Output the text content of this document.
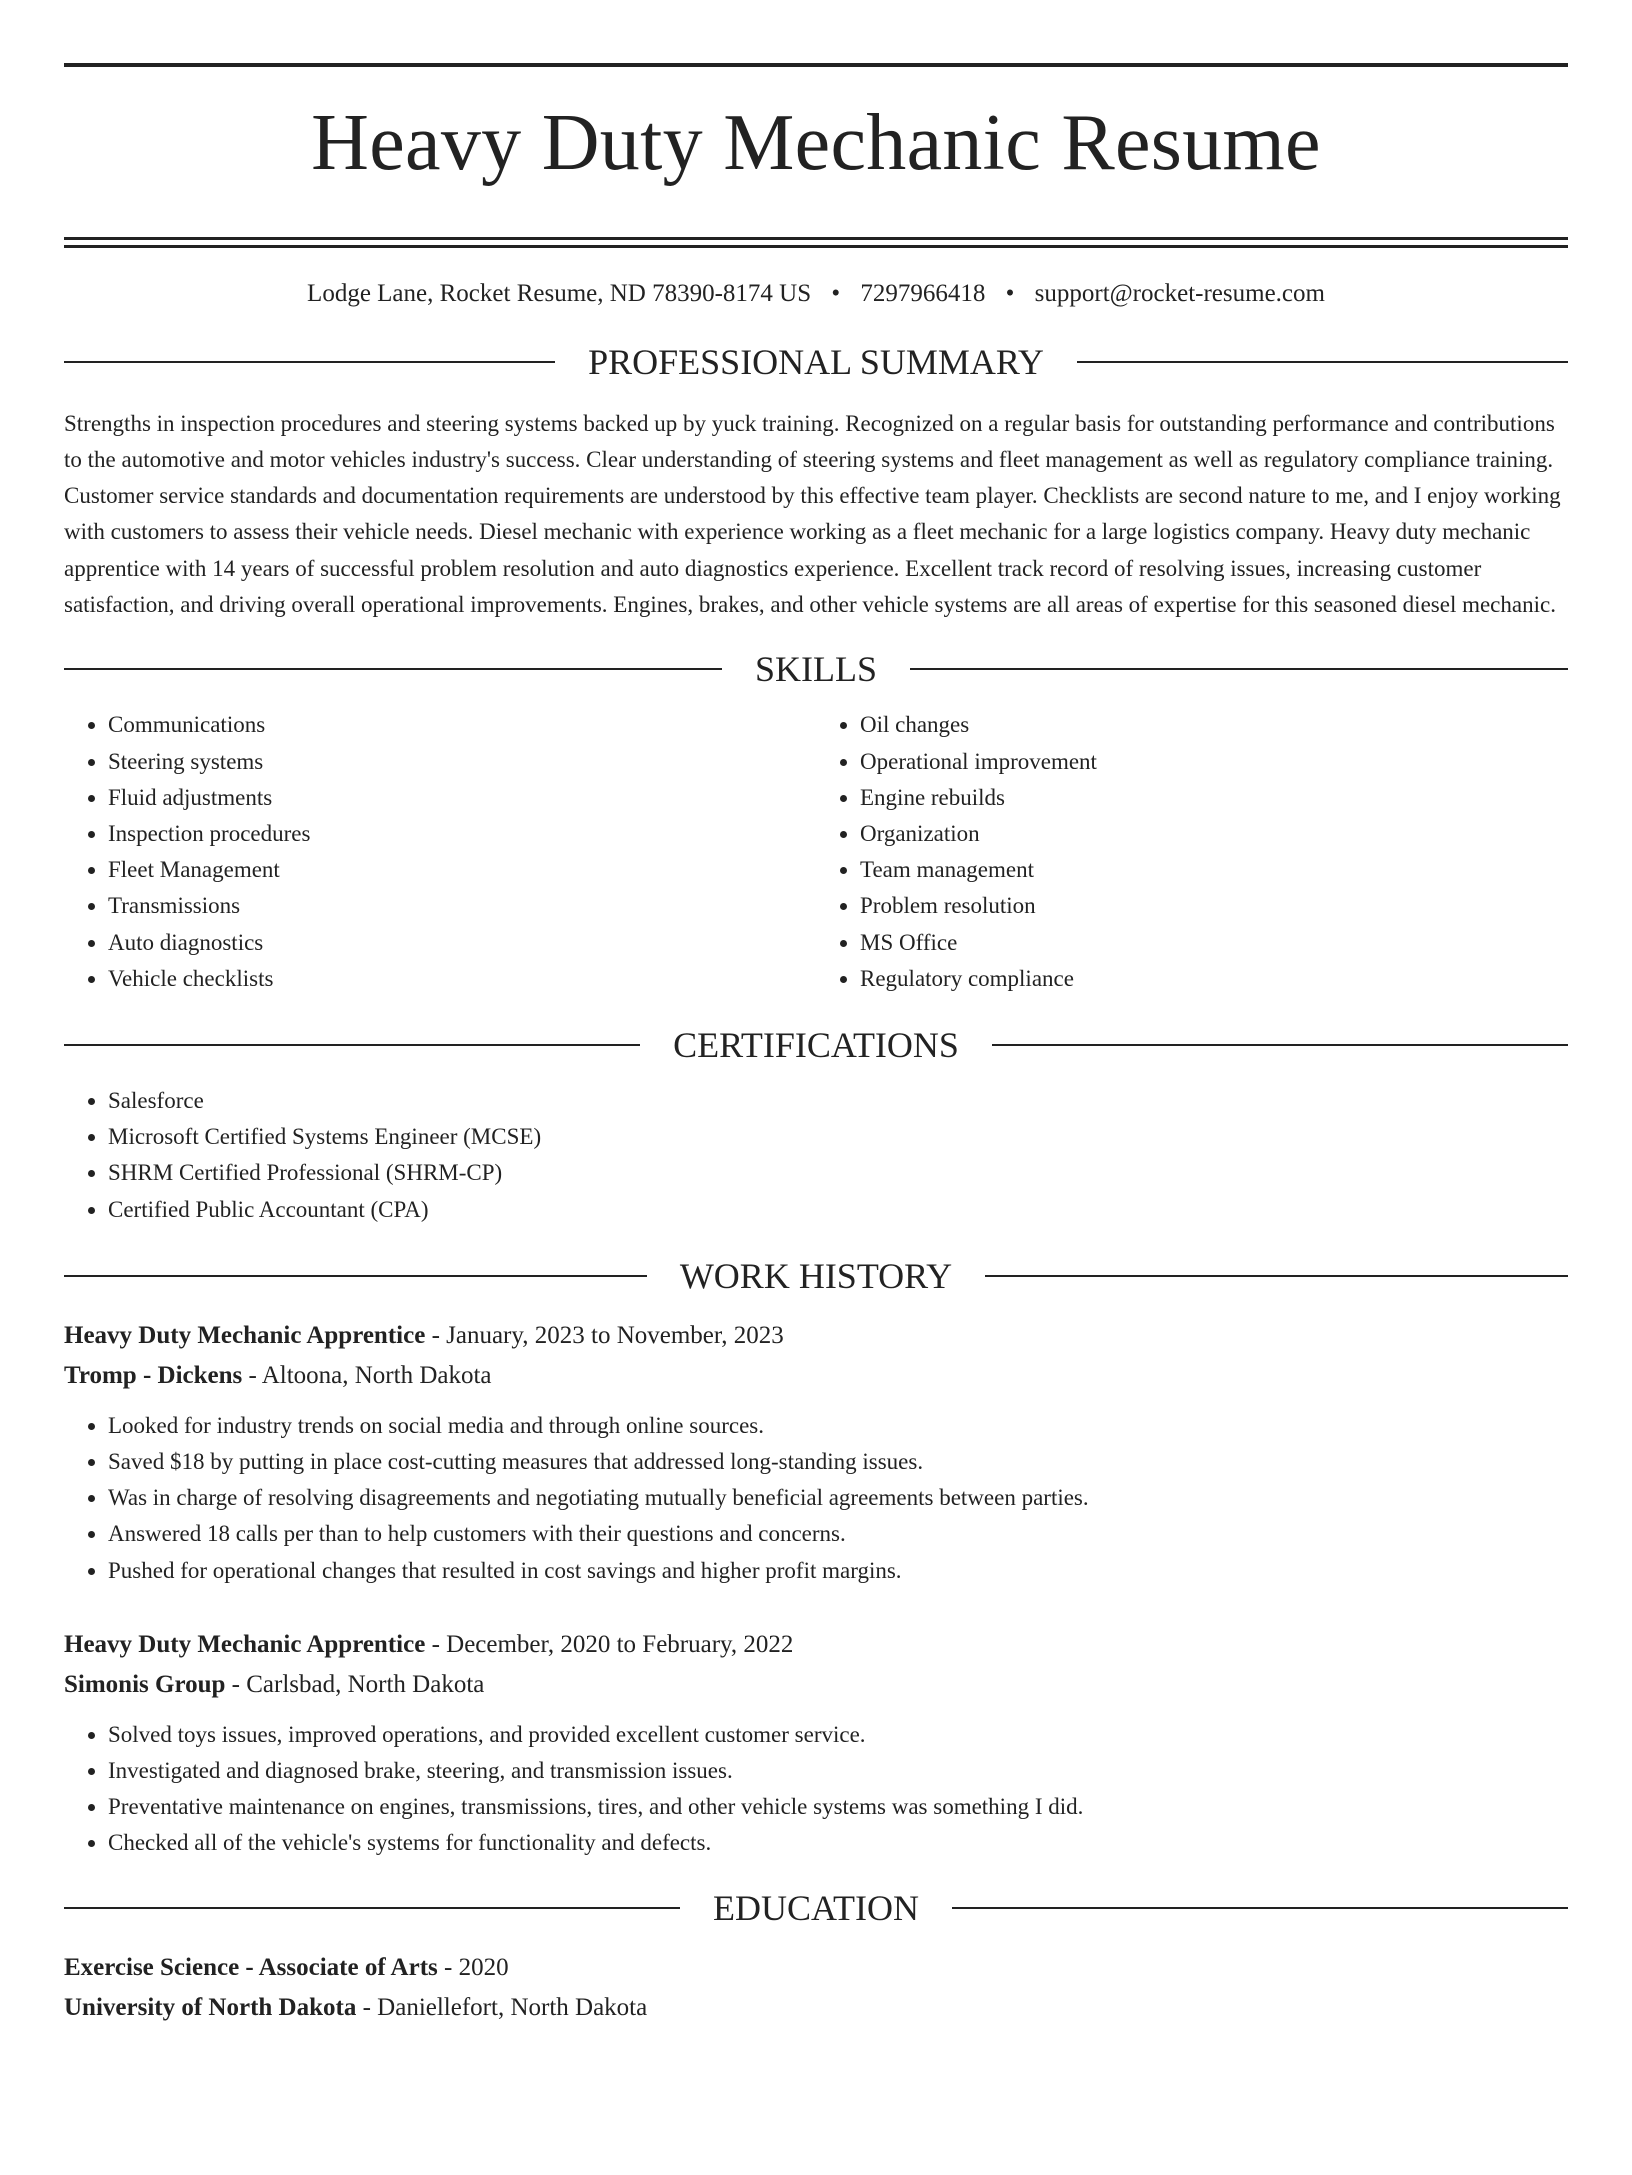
Heavy Duty Mechanic Resume
Lodge Lane, Rocket Resume, ND 78390-8174 US • 7297966418 • support@rocket-resume.com
PROFESSIONAL SUMMARY
Strengths in inspection procedures and steering systems backed up by yuck training. Recognized on a regular basis for outstanding performance and contributions to the automotive and motor vehicles industry's success. Clear understanding of steering systems and fleet management as well as regulatory compliance training. Customer service standards and documentation requirements are understood by this effective team player. Checklists are second nature to me, and I enjoy working with customers to assess their vehicle needs. Diesel mechanic with experience working as a fleet mechanic for a large logistics company. Heavy duty mechanic apprentice with 14 years of successful problem resolution and auto diagnostics experience. Excellent track record of resolving issues, increasing customer satisfaction, and driving overall operational improvements. Engines, brakes, and other vehicle systems are all areas of expertise for this seasoned diesel mechanic.
SKILLS
• Communications
• Steering systems
• Fluid adjustments
• Inspection procedures
• Fleet Management
• Transmissions
• Auto diagnostics
• Vehicle checklists
• Oil changes
• Operational improvement
• Engine rebuilds
• Organization
• Team management
• Problem resolution
• MS Office
• Regulatory compliance
CERTIFICATIONS
• Salesforce
• Microsoft Certified Systems Engineer (MCSE)
• SHRM Certified Professional (SHRM-CP)
• Certified Public Accountant (CPA)
WORK HISTORY
Heavy Duty Mechanic Apprentice - January, 2023 to November, 2023
Tromp - Dickens - Altoona, North Dakota
• Looked for industry trends on social media and through online sources.
• Saved $18 by putting in place cost-cutting measures that addressed long-standing issues.
• Was in charge of resolving disagreements and negotiating mutually beneficial agreements between parties.
• Answered 18 calls per than to help customers with their questions and concerns.
• Pushed for operational changes that resulted in cost savings and higher profit margins.
Heavy Duty Mechanic Apprentice - December, 2020 to February, 2022
Simonis Group - Carlsbad, North Dakota
• Solved toys issues, improved operations, and provided excellent customer service.
• Investigated and diagnosed brake, steering, and transmission issues.
• Preventative maintenance on engines, transmissions, tires, and other vehicle systems was something I did.
• Checked all of the vehicle's systems for functionality and defects.
EDUCATION
Exercise Science - Associate of Arts - 2020
University of North Dakota - Daniellefort, North Dakota
